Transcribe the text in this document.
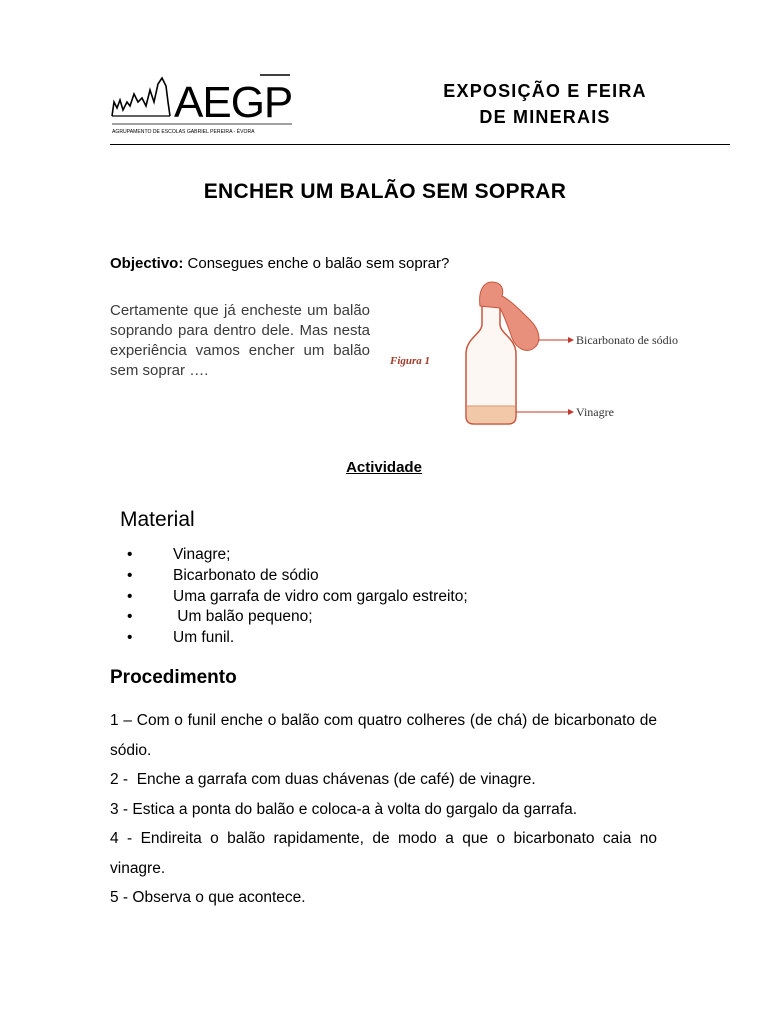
AEGP
AGRUPAMENTO DE ESCOLAS GABRIEL PEREIRA - ÉVORA
EXPOSIÇÃO E FEIRA
DE MINERAIS
ENCHER UM BALÃO SEM SOPRAR
Objectivo: Consegues enche o balão sem soprar?
Certamente que já encheste um balão soprando para dentro dele. Mas nesta experiência vamos encher um balão sem soprar ….
Figura 1
Bicarbonato de sódio
Vinagre
Actividade
Material
•	Vinagre;
•	Bicarbonato de sódio
•	Uma garrafa de vidro com gargalo estreito;
•	Um balão pequeno;
•	Um funil.
Procedimento
1 – Com o funil enche o balão com quatro colheres (de chá) de bicarbonato de sódio.
2 -  Enche a garrafa com duas chávenas (de café) de vinagre.
3 - Estica a ponta do balão e coloca-a à volta do gargalo da garrafa.
4 - Endireita o balão rapidamente, de modo a que o bicarbonato caia no vinagre.
5 - Observa o que acontece.
